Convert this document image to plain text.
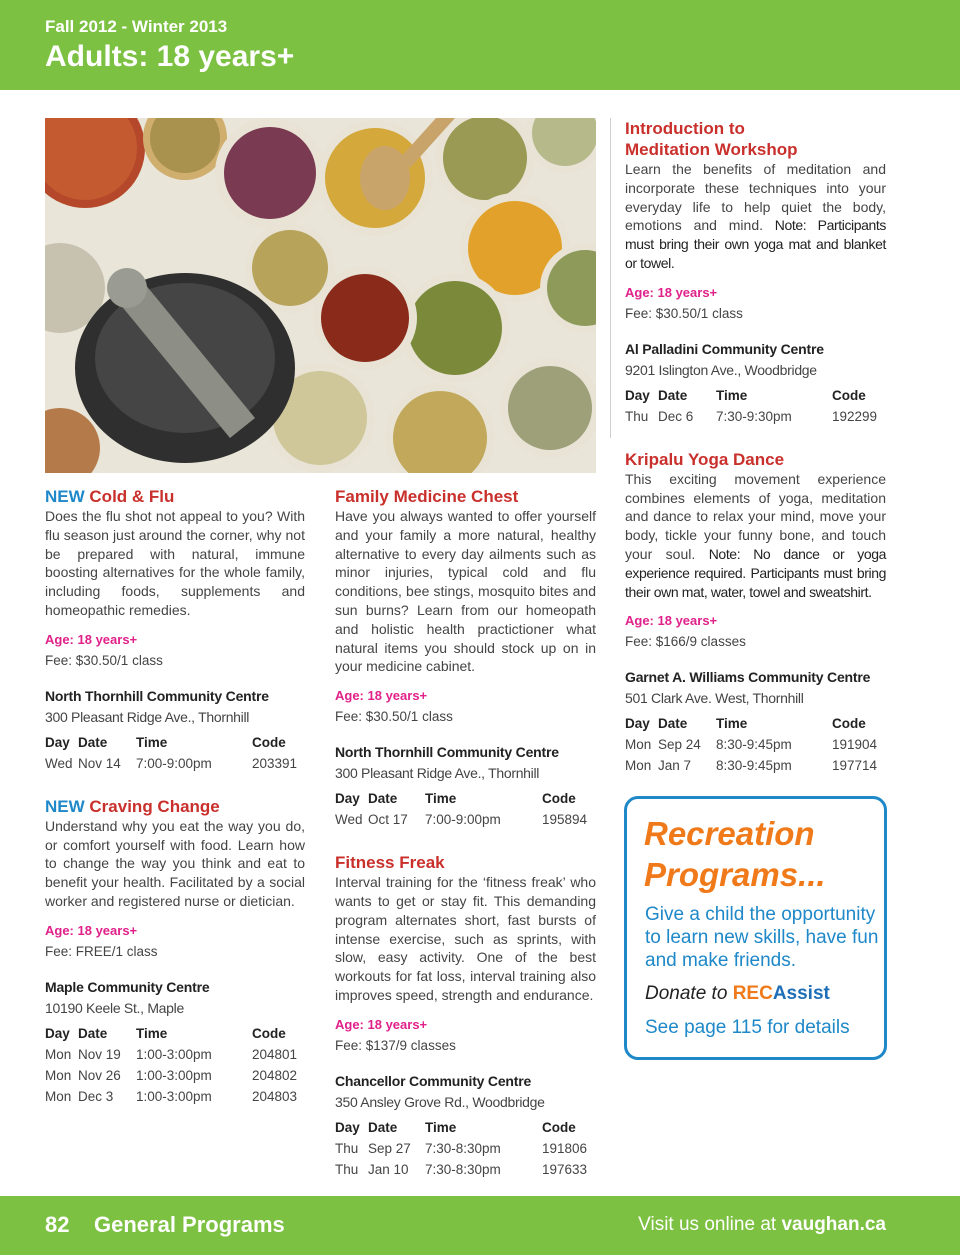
Fall 2012 - Winter 2013
Adults: 18 years+
NEW Cold & Flu
Does the flu shot not appeal to you? With flu season just around the corner, why not be prepared with natural, immune boosting alternatives for the whole family, including foods, supplements and homeopathic remedies.
Age: 18 years+
Fee: $30.50/1 class
North Thornhill Community Centre
300 Pleasant Ridge Ave., Thornhill
Day	Date	Time	Code
Wed	Nov 14	7:00-9:00pm	203391
NEW Craving Change
Understand why you eat the way you do, or comfort yourself with food. Learn how to change the way you think and eat to benefit your health. Facilitated by a social worker and registered nurse or dietician.
Age: 18 years+
Fee: FREE/1 class
Maple Community Centre
10190 Keele St., Maple
Day	Date	Time	Code
Mon	Nov 19	1:00-3:00pm	204801
Mon	Nov 26	1:00-3:00pm	204802
Mon	Dec 3	1:00-3:00pm	204803
Family Medicine Chest
Have you always wanted to offer yourself and your family a more natural, healthy alternative to every day ailments such as minor injuries, typical cold and flu conditions, bee stings, mosquito bites and sun burns? Learn from our homeopath and holistic health practictioner what natural items you should stock up on in your medicine cabinet.
Age: 18 years+
Fee: $30.50/1 class
North Thornhill Community Centre
300 Pleasant Ridge Ave., Thornhill
Day	Date	Time	Code
Wed	Oct 17	7:00-9:00pm	195894
Fitness Freak
Interval training for the ‘fitness freak’ who wants to get or stay fit. This demanding program alternates short, fast bursts of intense exercise, such as sprints, with slow, easy activity. One of the best workouts for fat loss, interval training also improves speed, strength and endurance.
Age: 18 years+
Fee: $137/9 classes
Chancellor Community Centre
350 Ansley Grove Rd., Woodbridge
Day	Date	Time	Code
Thu	Sep 27	7:30-8:30pm	191806
Thu	Jan 10	7:30-8:30pm	197633
Introduction to
Meditation Workshop
Learn the benefits of meditation and incorporate these techniques into your everyday life to help quiet the body, emotions and mind. Note: Participants must bring their own yoga mat and blanket or towel.
Age: 18 years+
Fee: $30.50/1 class
Al Palladini Community Centre
9201 Islington Ave., Woodbridge
Day	Date	Time	Code
Thu	Dec 6	7:30-9:30pm	192299
Kripalu Yoga Dance
This exciting movement experience combines elements of yoga, meditation and dance to relax your mind, move your body, tickle your funny bone, and touch your soul. Note: No dance or yoga experience required. Participants must bring their own mat, water, towel and sweatshirt.
Age: 18 years+
Fee: $166/9 classes
Garnet A. Williams Community Centre
501 Clark Ave. West, Thornhill
Day	Date	Time	Code
Mon	Sep 24	8:30-9:45pm	191904
Mon	Jan 7	8:30-9:45pm	197714
Recreation
Programs...
Give a child the opportunity to learn new skills, have fun and make friends.
Donate to RECAssist
See page 115 for details
82 General Programs	Visit us online at vaughan.ca
